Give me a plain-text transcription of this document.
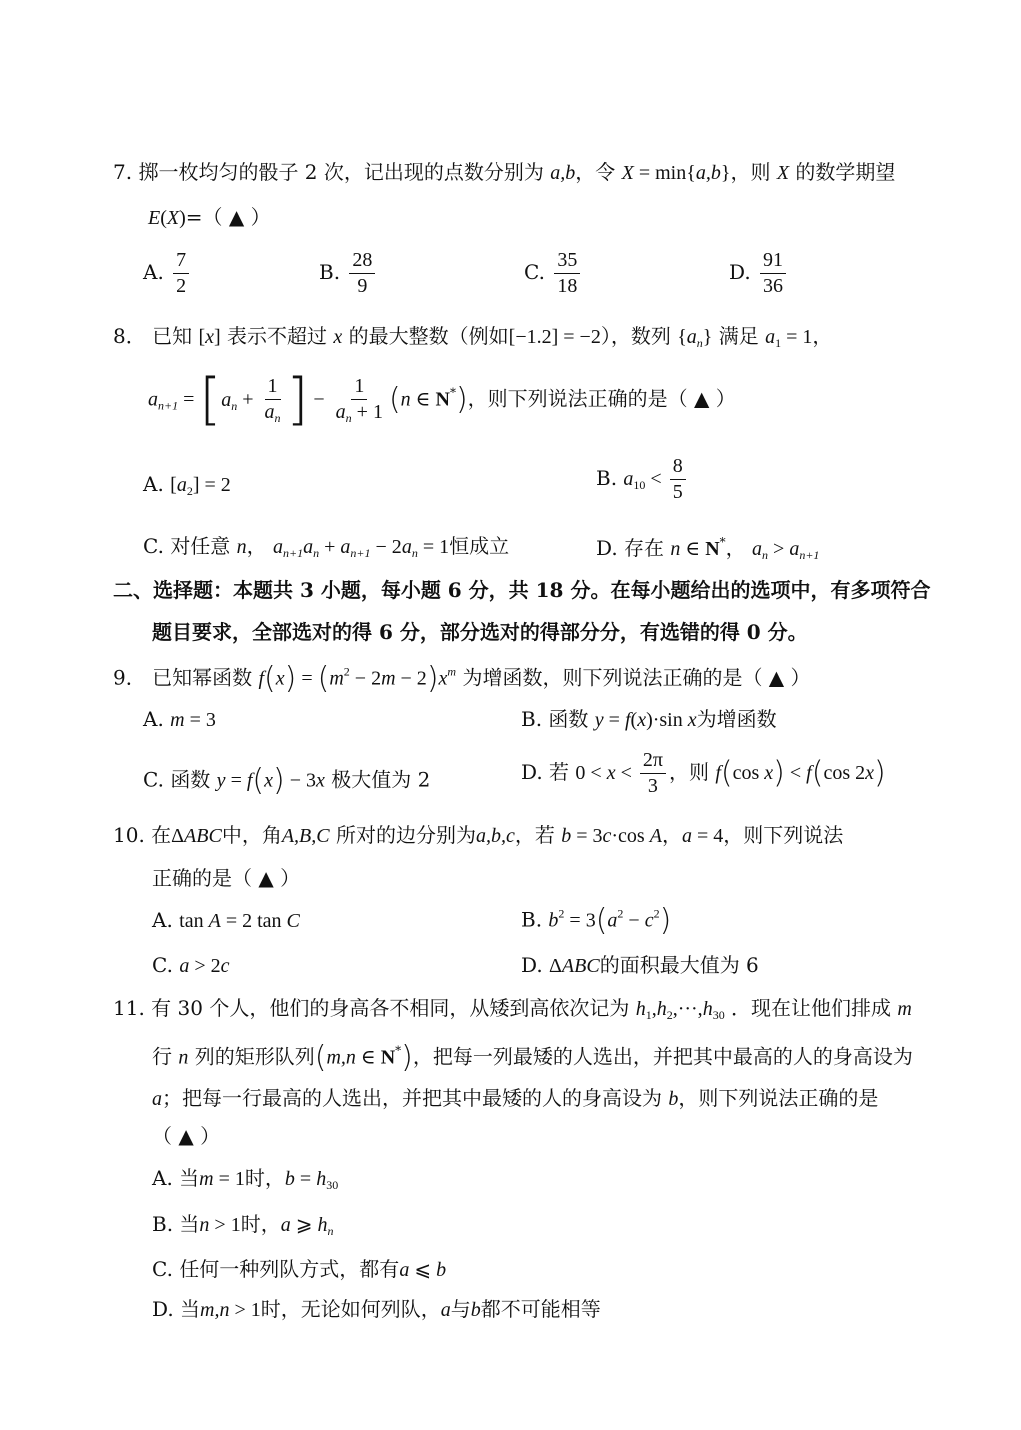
7. 掷一枚均匀的骰子 2 次，记出现的点数分别为 a,b，令 X = min{a,b}，则 X 的数学期望
E(X)=（ ▲ ）
A. $\frac{7}{2}$	B. $\frac{28}{9}$	C. $\frac{35}{18}$	D. $\frac{91}{36}$
8． 已知 [x] 表示不超过 x 的最大整数（例如[−1.2] = −2），数列 $\{a_n\}$ 满足 $a_1 = 1$，
$a_{n+1} = [a_n + \frac{1}{a_n}$ ] − $\frac{1}{a_n + 1} (n$ ∈ N*)，则下列说法正确的是（ ▲ ）
A. $[a_2] = 2$	B. $a_{10} < \frac{8}{5}$
C. 对任意 n， $a_{n+1}a_n + a_{n+1} - 2a_n = 1$恒成立	D. 存在 n ∈ N*， $a_n > a_{n+1}$
二、选择题：本题共 3 小题，每小题 6 分，共 18 分。在每小题给出的选项中，有多项符合
题目要求，全部选对的得 6 分，部分选对的得部分分，有选错的得 0 分。
9． 已知幂函数 $f(x) = (m^2 - 2m - 2)x^m$ 为增函数，则下列说法正确的是（ ▲ ）
A. m = 3	B. 函数 y = f(x)·sin x为增函数
C. 函数 y = f(x) − 3x 极大值为 2	D. 若 $0 < x < \frac{2\pi}{3}$ ，则 f(cos x) < f(cos 2x)
10. 在ΔABC中，角A,B,C 所对的边分别为a,b,c，若 b = 3c·cos A，a = 4，则下列说法
正确的是（ ▲ ）
A. tan A = 2 tan C	B. $b^2 = 3(a^2 - c^2)$
C. a > 2c	D. ΔABC的面积最大值为 6
11. 有 30 个人，他们的身高各不相同，从矮到高依次记为 $h_1,h_2,\cdot\cdot\cdot,h_{30}$ ．现在让他们排成 m
行 n 列的矩形队列(m,n ∈ N*)，把每一列最矮的人选出，并把其中最高的人的身高设为
a；把每一行最高的人选出，并把其中最矮的人的身高设为 b，则下列说法正确的是
（ ▲ ）
A. 当m = 1时，$b = h_{30}$
B. 当n > 1时，a ⩾ $h_n$
C. 任何一种列队方式，都有a ⩽ b
D. 当m,n > 1时，无论如何列队，a与b都不可能相等
